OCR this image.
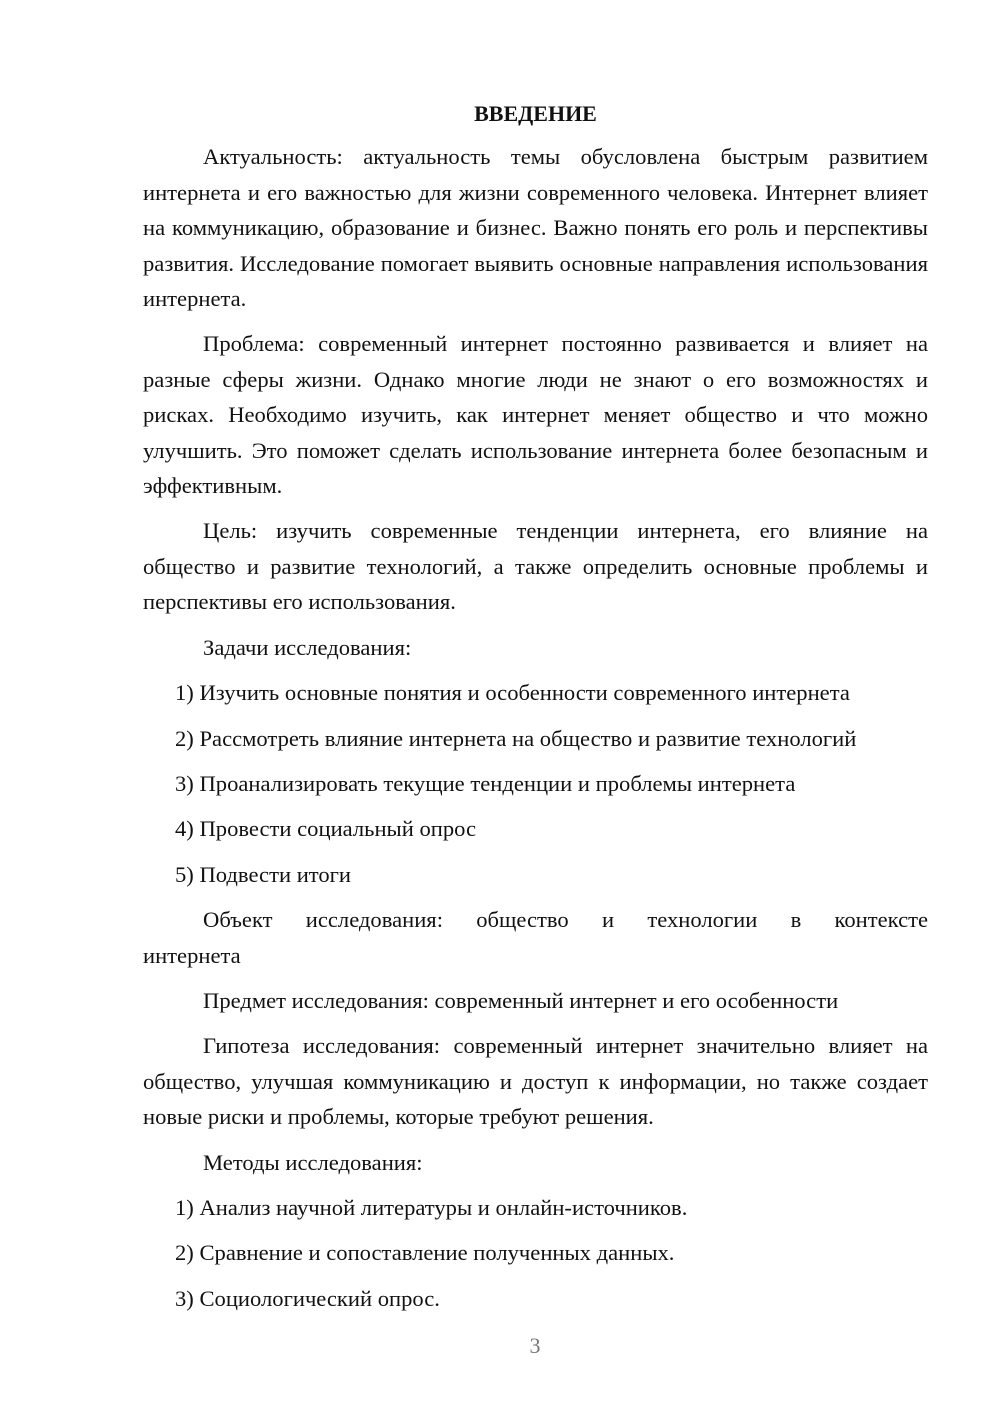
ВВЕДЕНИЕ

Актуальность: актуальность темы обусловлена быстрым развитием интернета и его важностью для жизни современного человека. Интернет влияет на коммуникацию, образование и бизнес. Важно понять его роль и перспективы развития. Исследование помогает выявить основные направления использования интернета.

Проблема: современный интернет постоянно развивается и влияет на разные сферы жизни. Однако многие люди не знают о его возможностях и рисках. Необходимо изучить, как интернет меняет общество и что можно улучшить. Это поможет сделать использование интернета более безопасным и эффективным.

Цель: изучить современные тенденции интернета, его влияние на общество и развитие технологий, а также определить основные проблемы и перспективы его использования.

Задачи исследования:

1) Изучить основные понятия и особенности современного интернета

2) Рассмотреть влияние интернета на общество и развитие технологий

3) Проанализировать текущие тенденции и проблемы интернета

4) Провести социальный опрос

5) Подвести итоги

Объект исследования: общество и технологии в контексте

интернета

Предмет исследования: современный интернет и его особенности

Гипотеза исследования: современный интернет значительно влияет на общество, улучшая коммуникацию и доступ к информации, но также создает новые риски и проблемы, которые требуют решения.

Методы исследования:

1) Анализ научной литературы и онлайн-источников.

2) Сравнение и сопоставление полученных данных.

3) Социологический опрос.

3
